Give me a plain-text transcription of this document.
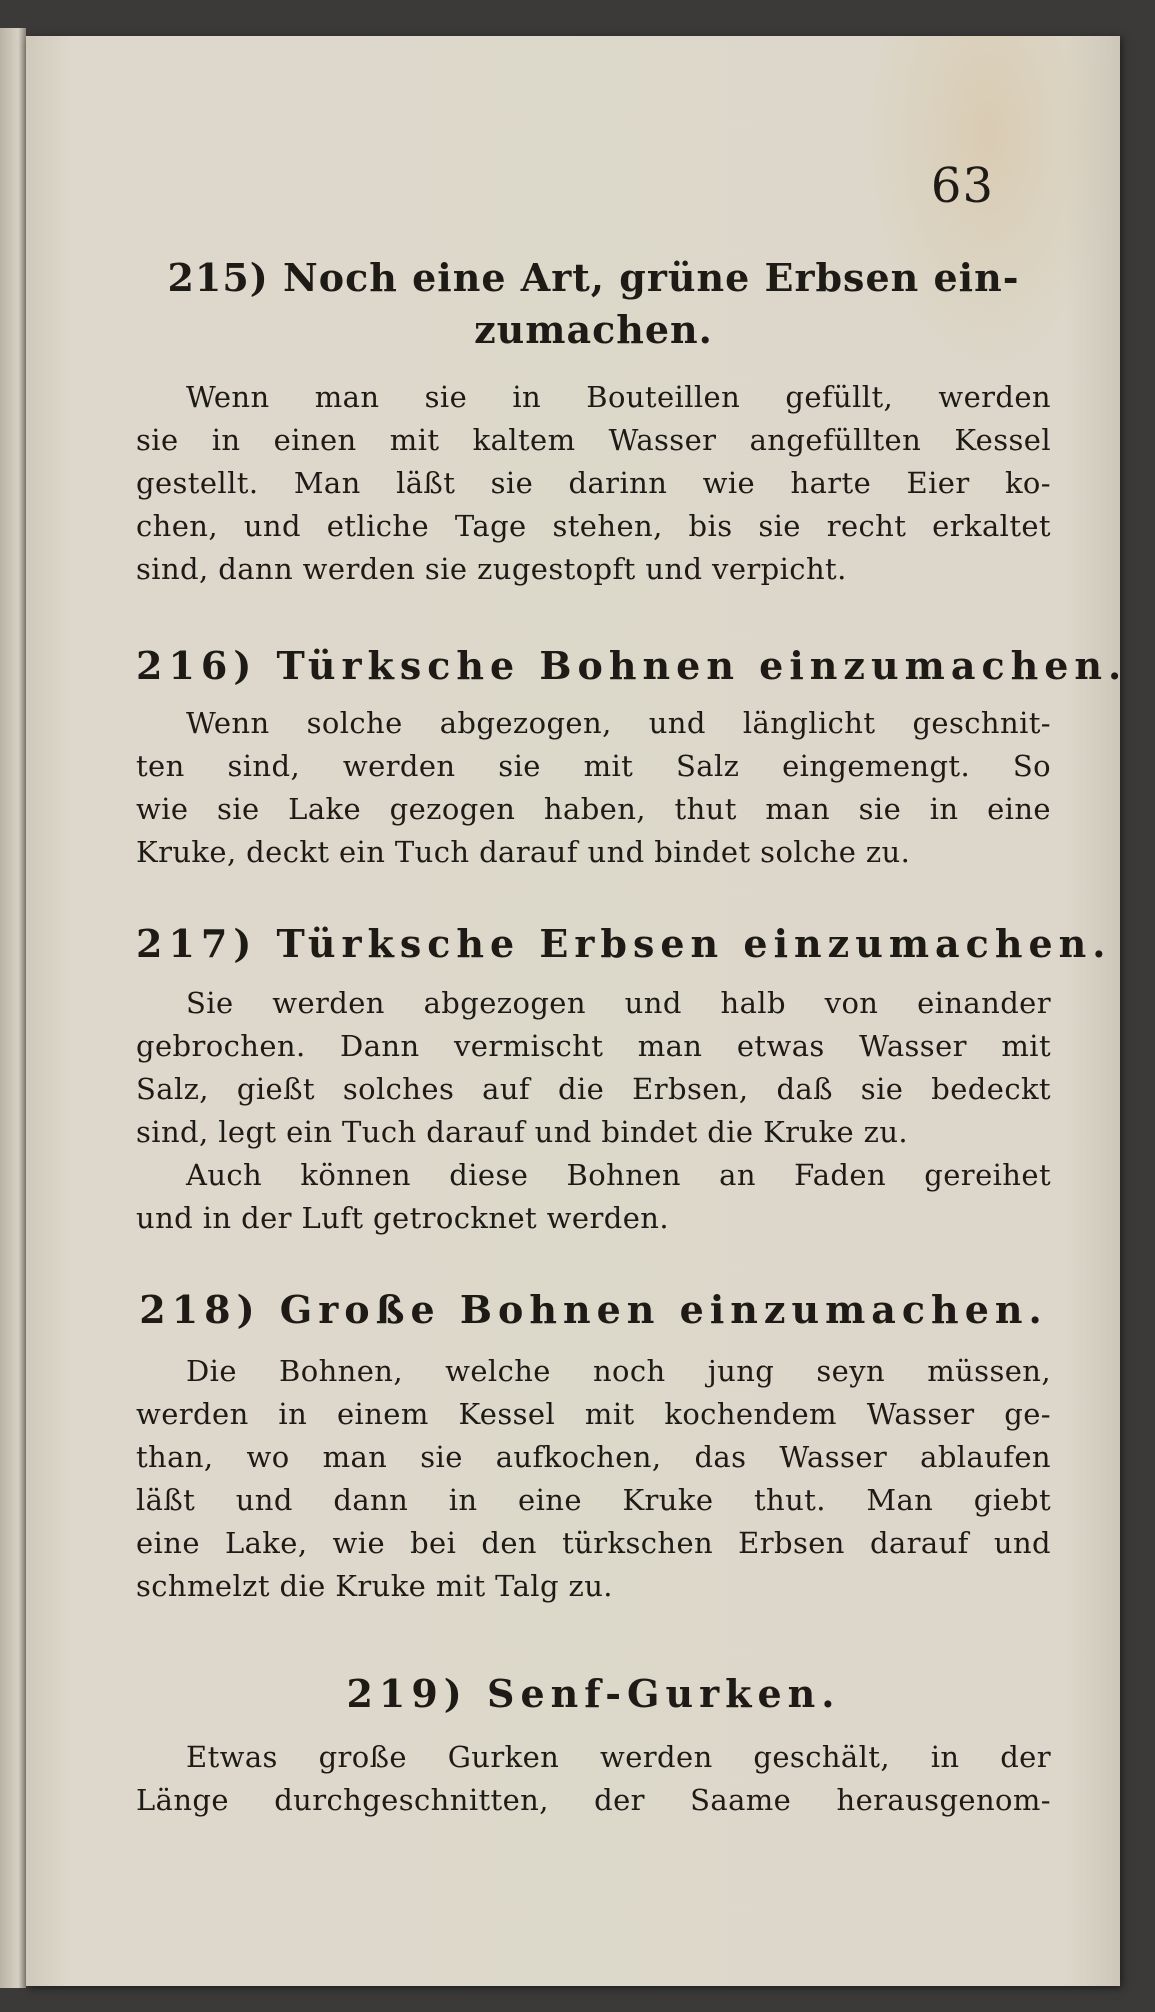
63
215) Noch eine Art, grüne Erbsen ein-
zumachen.
Wenn man sie in Bouteillen gefüllt, werden
sie in einen mit kaltem Wasser angefüllten Kessel
gestellt. Man läßt sie darinn wie harte Eier ko-
chen, und etliche Tage stehen, bis sie recht erkaltet
sind, dann werden sie zugestopft und verpicht.
216) Türksche Bohnen einzumachen.
Wenn solche abgezogen, und länglicht geschnit-
ten sind, werden sie mit Salz eingemengt. So
wie sie Lake gezogen haben, thut man sie in eine
Kruke, deckt ein Tuch darauf und bindet solche zu.
217) Türksche Erbsen einzumachen.
Sie werden abgezogen und halb von einander
gebrochen. Dann vermischt man etwas Wasser mit
Salz, gießt solches auf die Erbsen, daß sie bedeckt
sind, legt ein Tuch darauf und bindet die Kruke zu.
Auch können diese Bohnen an Faden gereihet
und in der Luft getrocknet werden.
218) Große Bohnen einzumachen.
Die Bohnen, welche noch jung seyn müssen,
werden in einem Kessel mit kochendem Wasser ge-
than, wo man sie aufkochen, das Wasser ablaufen
läßt und dann in eine Kruke thut. Man giebt
eine Lake, wie bei den türkschen Erbsen darauf und
schmelzt die Kruke mit Talg zu.
219) Senf-Gurken.
Etwas große Gurken werden geschält, in der
Länge durchgeschnitten, der Saame herausgenom-
